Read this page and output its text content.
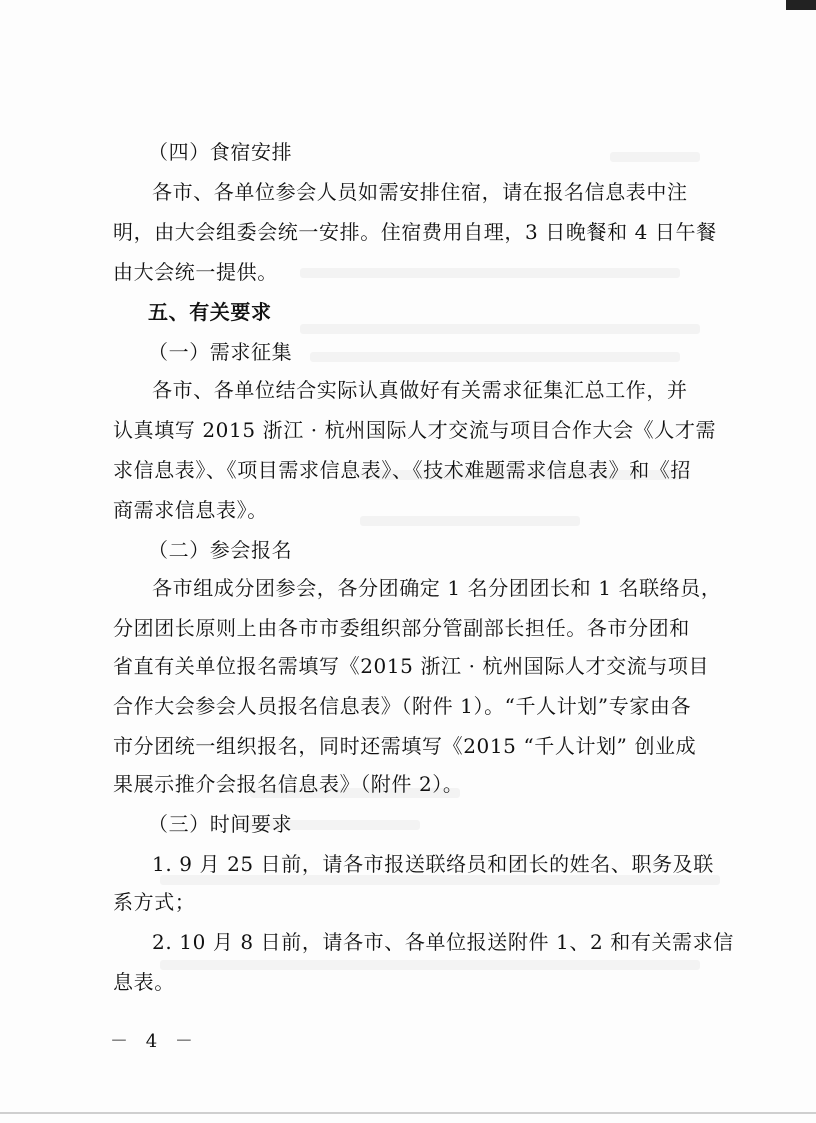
（四）食宿安排
各市、各单位参会人员如需安排住宿，请在报名信息表中注
明，由大会组委会统一安排。住宿费用自理，3 日晚餐和 4 日午餐
由大会统一提供。
五、有关要求
（一）需求征集
各市、各单位结合实际认真做好有关需求征集汇总工作，并
认真填写 2015 浙江 · 杭州国际人才交流与项目合作大会《人才需
求信息表》、《项目需求信息表》、《技术难题需求信息表》和《招
商需求信息表》。
（二）参会报名
各市组成分团参会，各分团确定 1 名分团团长和 1 名联络员，
分团团长原则上由各市市委组织部分管副部长担任。各市分团和
省直有关单位报名需填写《2015 浙江 · 杭州国际人才交流与项目
合作大会参会人员报名信息表》（附件 1）。“千人计划”专家由各
市分团统一组织报名，同时还需填写《2015 “千人计划” 创业成
果展示推介会报名信息表》（附件 2）。
（三）时间要求
1. 9 月 25 日前，请各市报送联络员和团长的姓名、职务及联
系方式；
2. 10 月 8 日前，请各市、各单位报送附件 1、2 和有关需求信
息表。
－ 4 －
